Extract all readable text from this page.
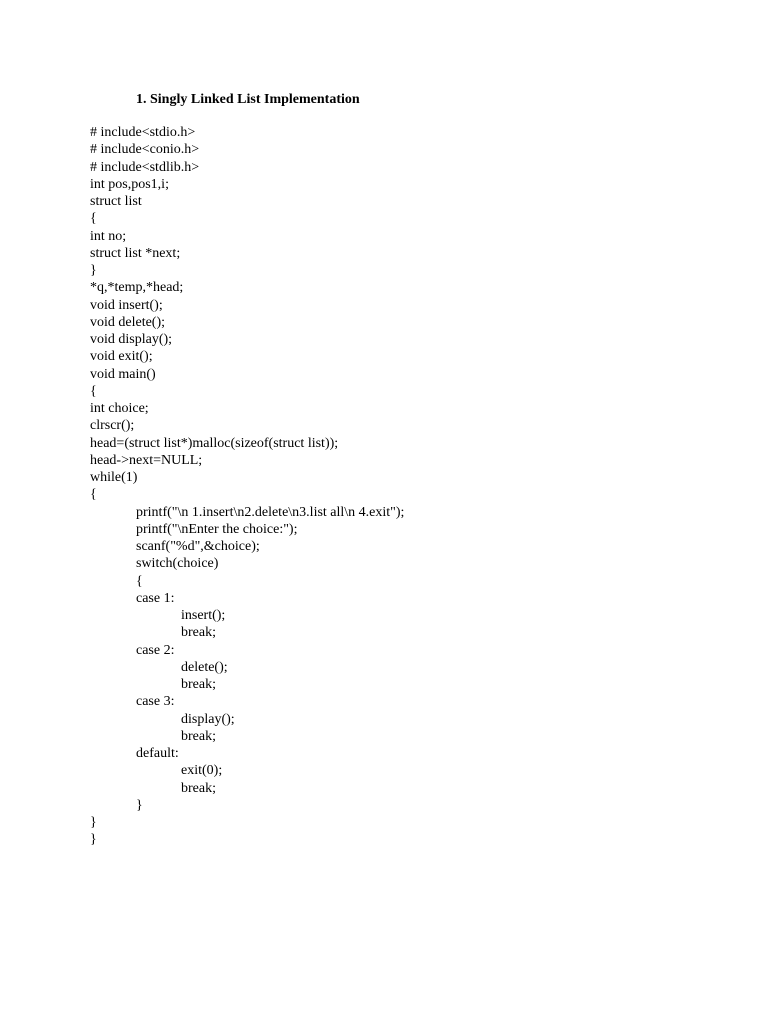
1. Singly Linked List Implementation
# include<stdio.h>
# include<conio.h>
# include<stdlib.h>
int pos,pos1,i;
struct list
{
int no;
struct list *next;
}
*q,*temp,*head;
void insert();
void delete();
void display();
void exit();
void main()
{
int choice;
clrscr();
head=(struct list*)malloc(sizeof(struct list));
head->next=NULL;
while(1)
{
printf("\n 1.insert\n2.delete\n3.list all\n 4.exit");
printf("\nEnter the choice:");
scanf("%d",&choice);
switch(choice)
{
case 1:
insert();
break;
case 2:
delete();
break;
case 3:
display();
break;
default:
exit(0);
break;
}
}
}
